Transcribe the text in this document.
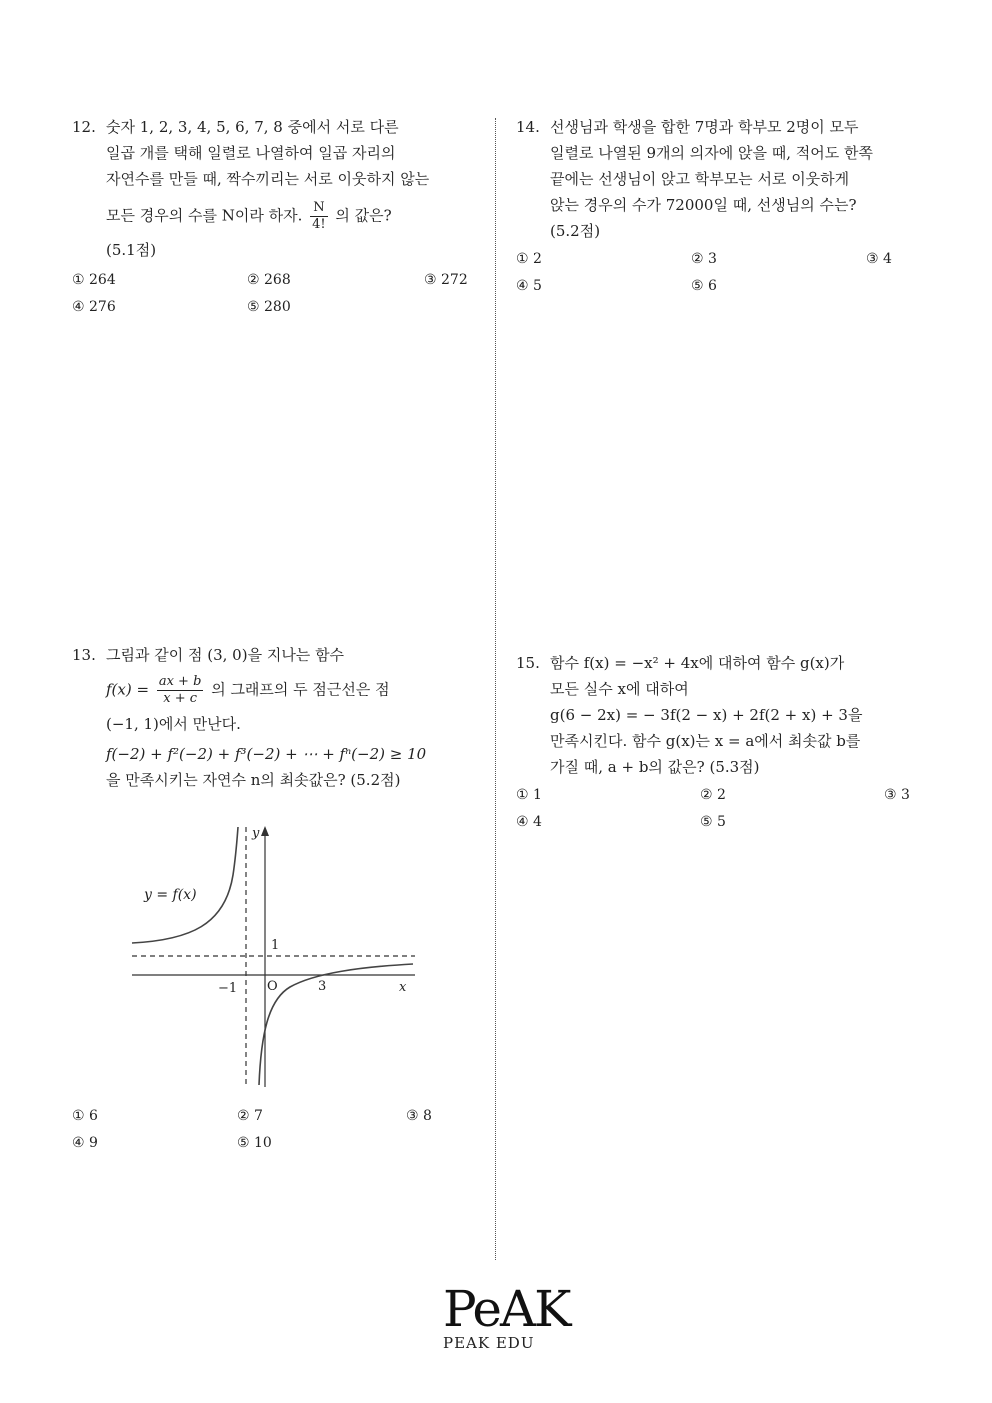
12. 숫자 1, 2, 3, 4, 5, 6, 7, 8 중에서 서로 다른
일곱 개를 택해 일렬로 나열하여 일곱 자리의
자연수를 만들 때, 짝수끼리는 서로 이웃하지 않는
모든 경우의 수를 N이라 하자. $\frac{N}{4!}$ 의 값은?
(5.1점)
① 264	② 268	③ 272
④ 276	⑤ 280
13. 그림과 같이 점 (3, 0)을 지나는 함수
$f(x) = \frac{ax + b}{x + c}$ 의 그래프의 두 점근선은 점
(−1, 1)에서 만난다.
f(−2) + f²(−2) + f³(−2) + ⋯ + fⁿ(−2) ≥ 10
을 만족시키는 자연수 n의 최솟값은? (5.2점)
y = f(x)
y
x
1
−1 O	3
① 6	② 7	③ 8
④ 9	⑤ 10
14. 선생님과 학생을 합한 7명과 학부모 2명이 모두
일렬로 나열된 9개의 의자에 앉을 때, 적어도 한쪽
끝에는 선생님이 앉고 학부모는 서로 이웃하게
앉는 경우의 수가 72000일 때, 선생님의 수는?
(5.2점)
① 2	② 3	③ 4
④ 5	⑤ 6
15. 함수 f(x) = −x² + 4x에 대하여 함수 g(x)가
모든 실수 x에 대하여
g(6 − 2x) = − 3f(2 − x) + 2f(2 + x) + 3을
만족시킨다. 함수 g(x)는 x = a에서 최솟값 b를
가질 때, a + b의 값은? (5.3점)
① 1	② 2	③ 3
④ 4	⑤ 5
PeAK
PEAK EDU
